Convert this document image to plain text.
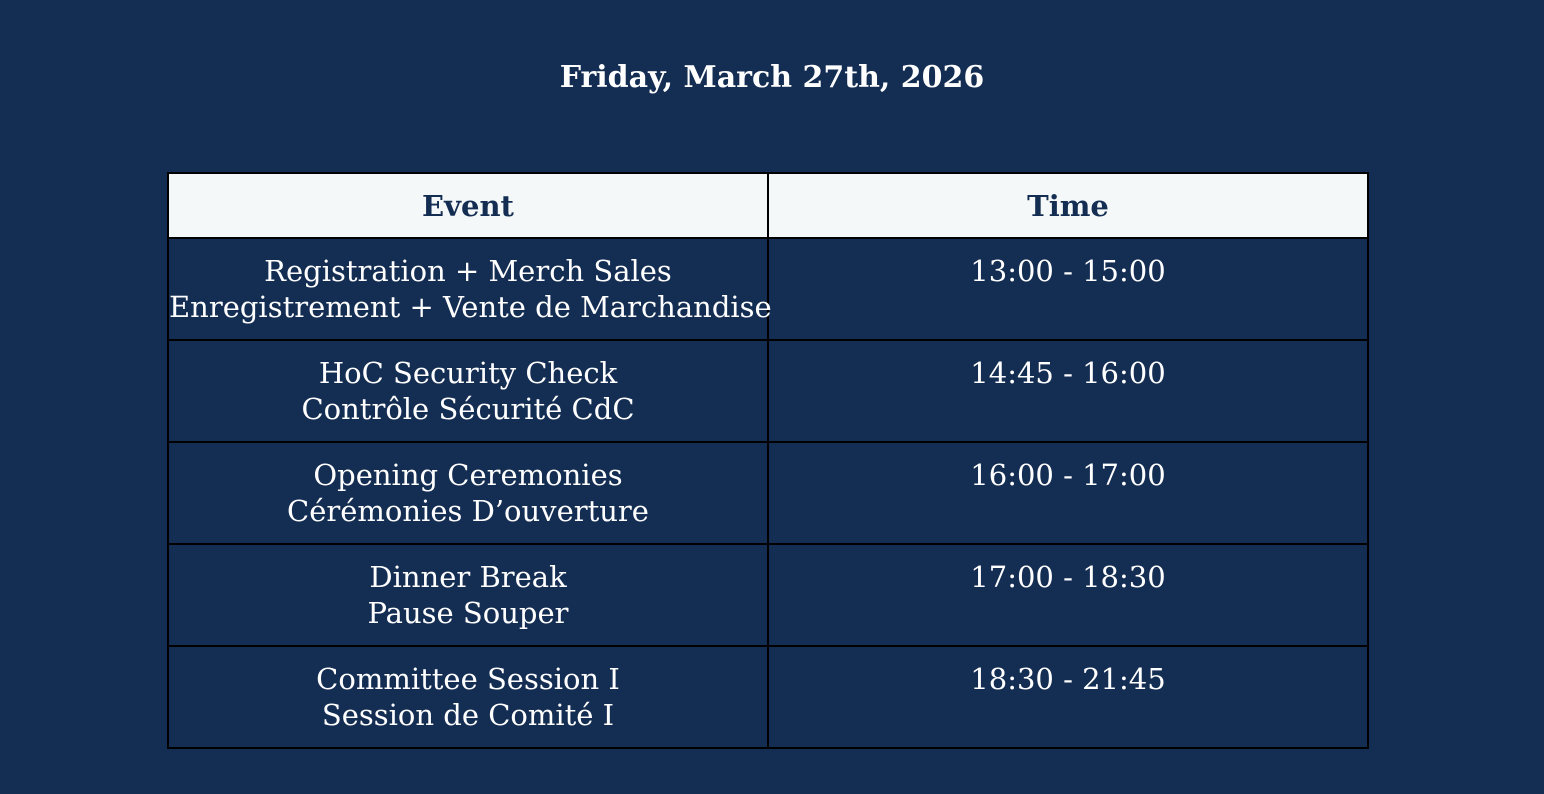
Friday, March 27th, 2026
Event	Time

Registration + Merch Sales
Enregistrement + Vente de Marchandise	13:00 - 15:00

HoC Security Check
Contrôle Sécurité CdC	14:45 - 16:00

Opening Ceremonies
Cérémonies D’ouverture	16:00 - 17:00

Dinner Break
Pause Souper	17:00 - 18:30

Committee Session I
Session de Comité I	18:30 - 21:45
